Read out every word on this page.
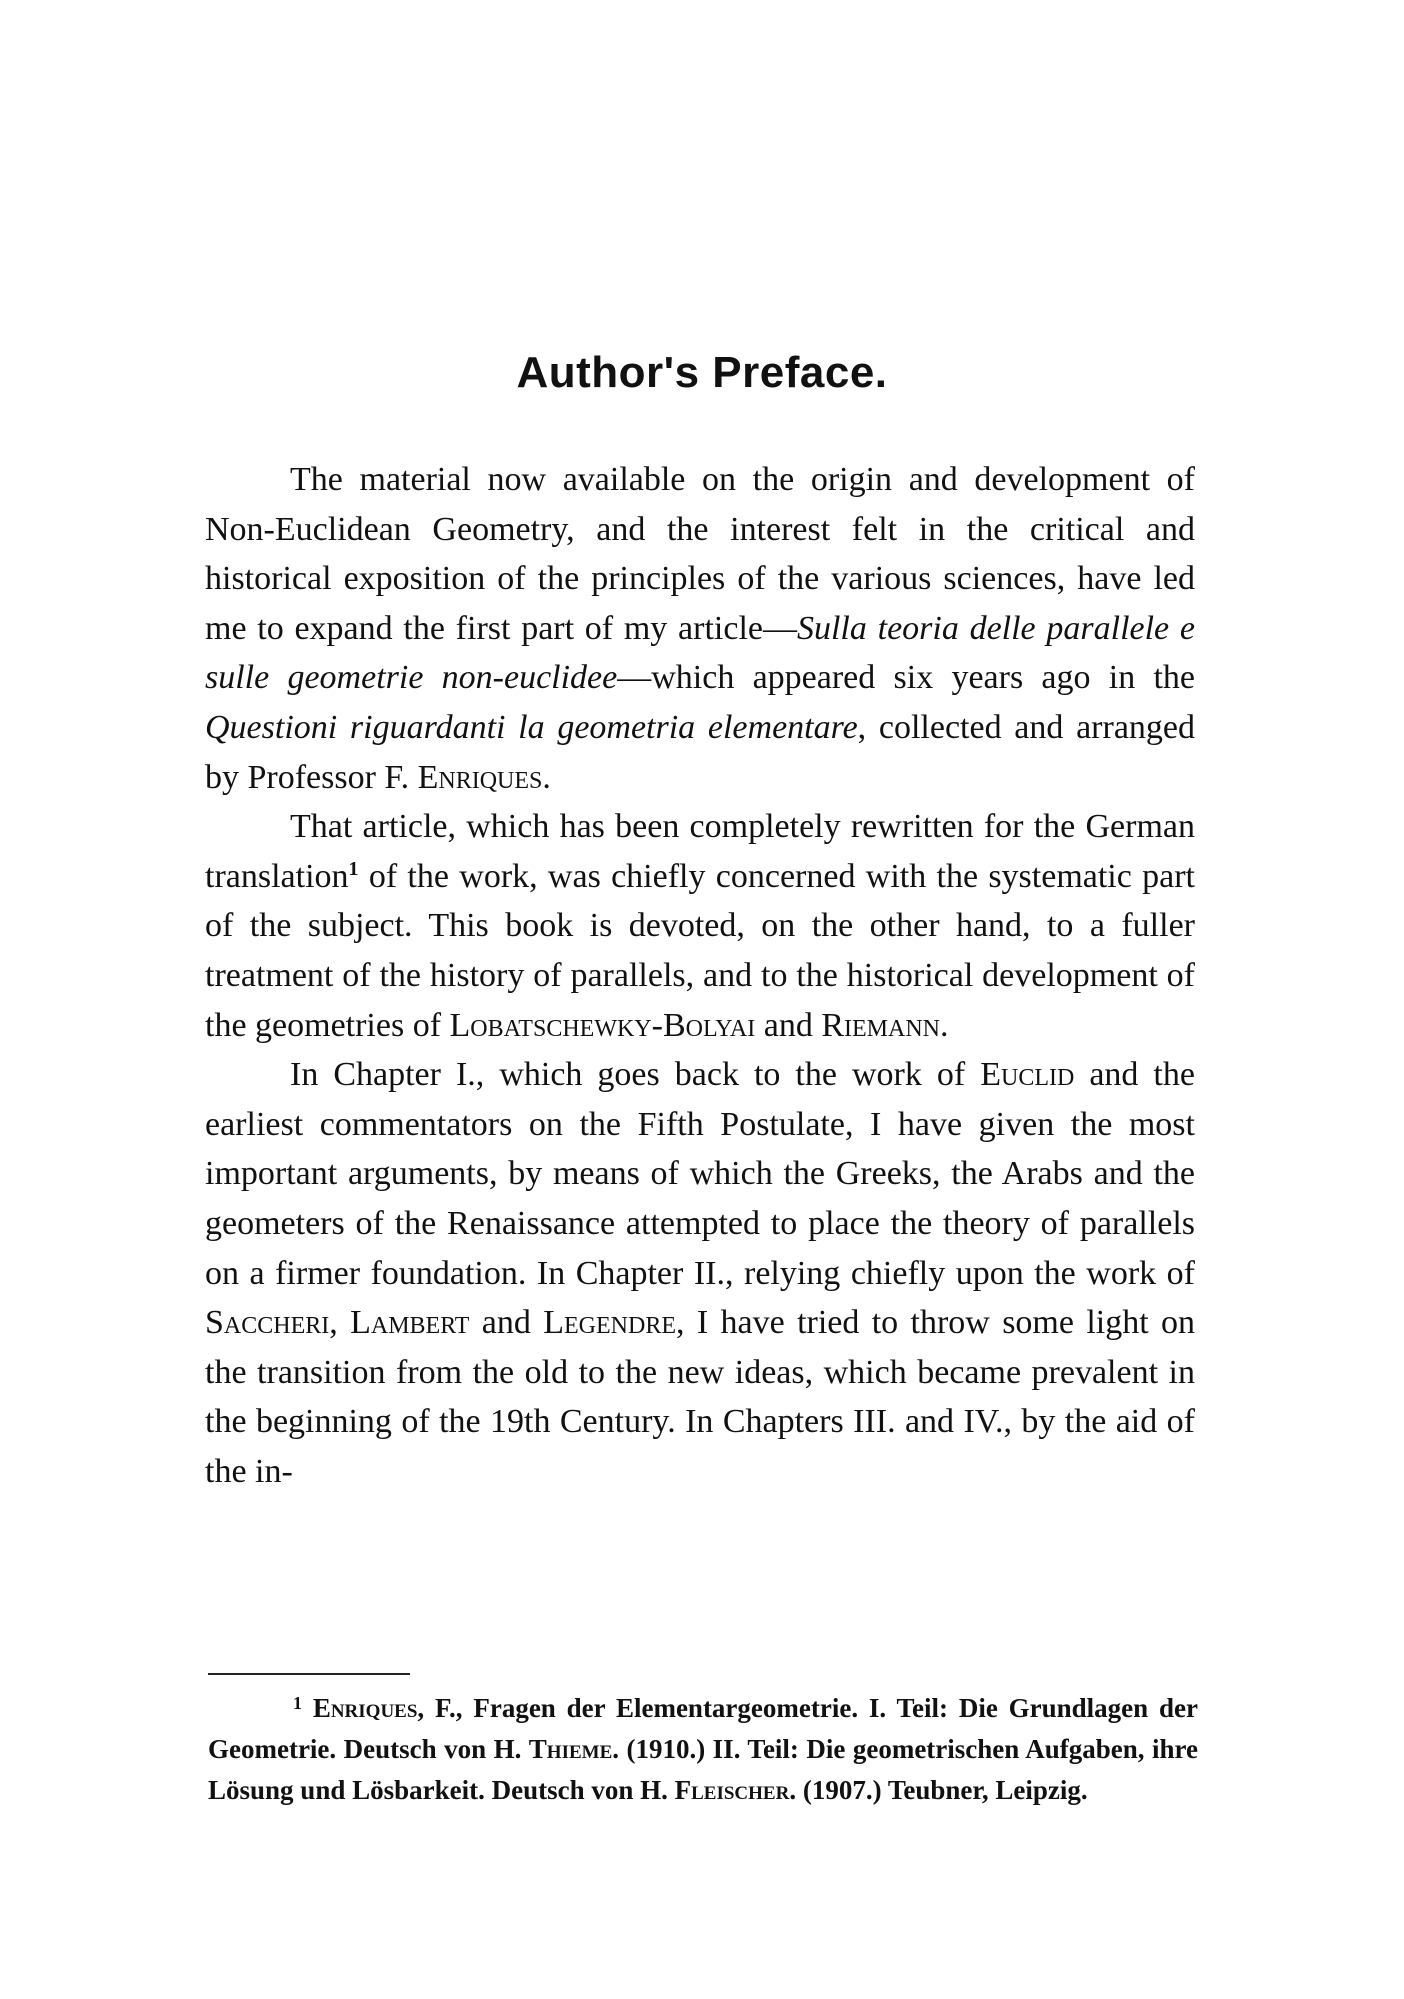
Author's Preface.

The material now available on the origin and development of Non-Euclidean Geometry, and the interest felt in the critical and historical exposition of the principles of the various sciences, have led me to expand the first part of my article—Sulla teoria delle parallele e sulle geometrie non-euclidee—which appeared six years ago in the Questioni riguardanti la geometria elementare, collected and arranged by Professor F. Enriques.

That article, which has been completely rewritten for the German translation$^1$ of the work, was chiefly concerned with the systematic part of the subject. This book is devoted, on the other hand, to a fuller treatment of the history of parallels, and to the historical development of the geometries of Lobatschewky-Bolyai and Riemann.

In Chapter I., which goes back to the work of Euclid and the earliest commentators on the Fifth Postulate, I have given the most important arguments, by means of which the Greeks, the Arabs and the geometers of the Renaissance attempted to place the theory of parallels on a firmer foundation. In Chapter II., relying chiefly upon the work of Saccheri, Lambert and Legendre, I have tried to throw some light on the transition from the old to the new ideas, which became prevalent in the beginning of the 19th Century. In Chapters III. and IV., by the aid of the in-

$^1$ Enriques, F., Fragen der Elementargeometrie. I. Teil: Die Grundlagen der Geometrie. Deutsch von H. Thieme. (1910.) II. Teil: Die geometrischen Aufgaben, ihre Lösung und Lösbarkeit. Deutsch von H. Fleischer. (1907.) Teubner, Leipzig.
